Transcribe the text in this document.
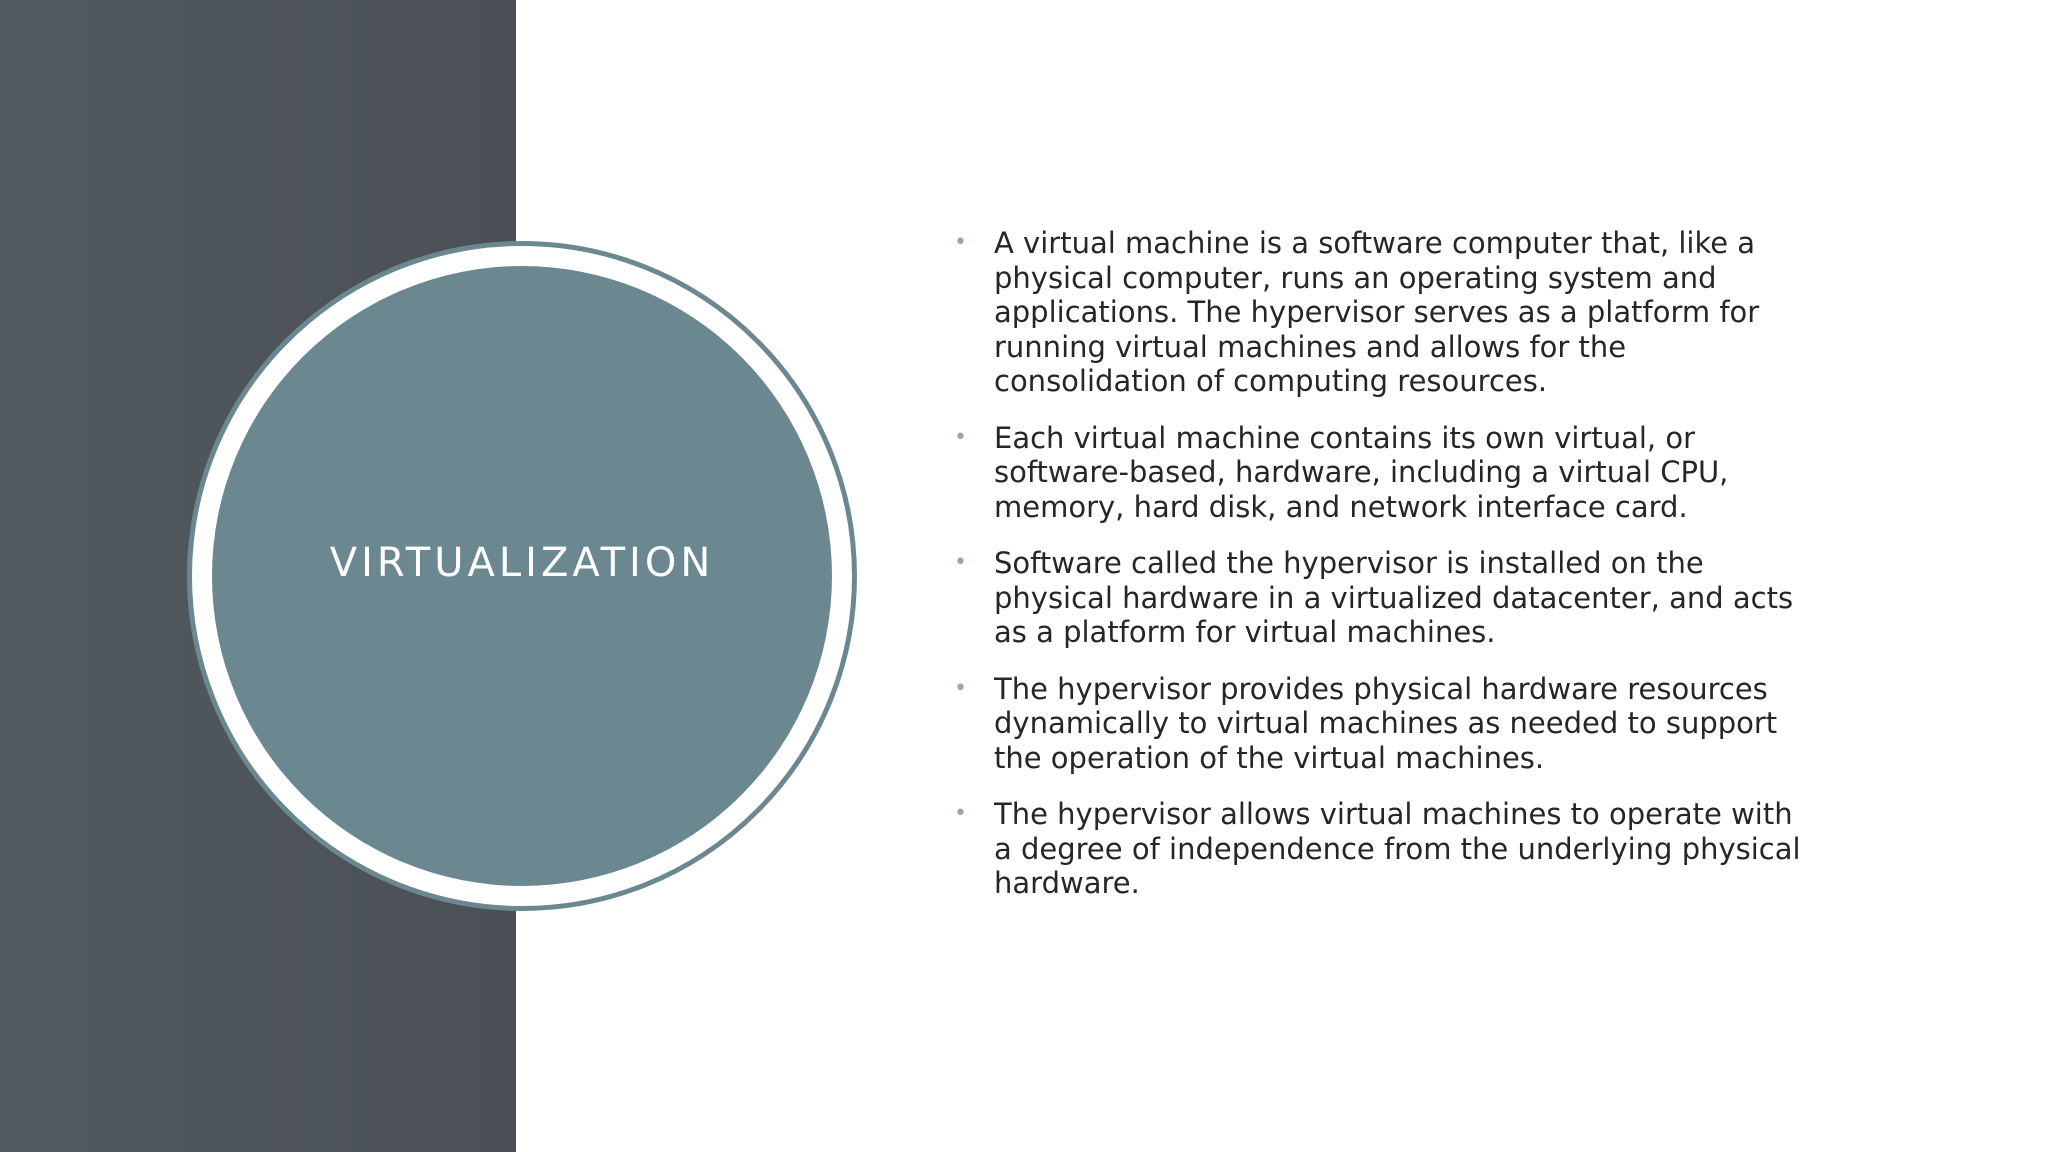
VIRTUALIZATION
• A virtual machine is a software computer that, like a physical computer, runs an operating system and applications. The hypervisor serves as a platform for running virtual machines and allows for the consolidation of computing resources.
• Each virtual machine contains its own virtual, or software-based, hardware, including a virtual CPU, memory, hard disk, and network interface card.
• Software called the hypervisor is installed on the physical hardware in a virtualized datacenter, and acts as a platform for virtual machines.
• The hypervisor provides physical hardware resources dynamically to virtual machines as needed to support the operation of the virtual machines.
• The hypervisor allows virtual machines to operate with a degree of independence from the underlying physical hardware.
